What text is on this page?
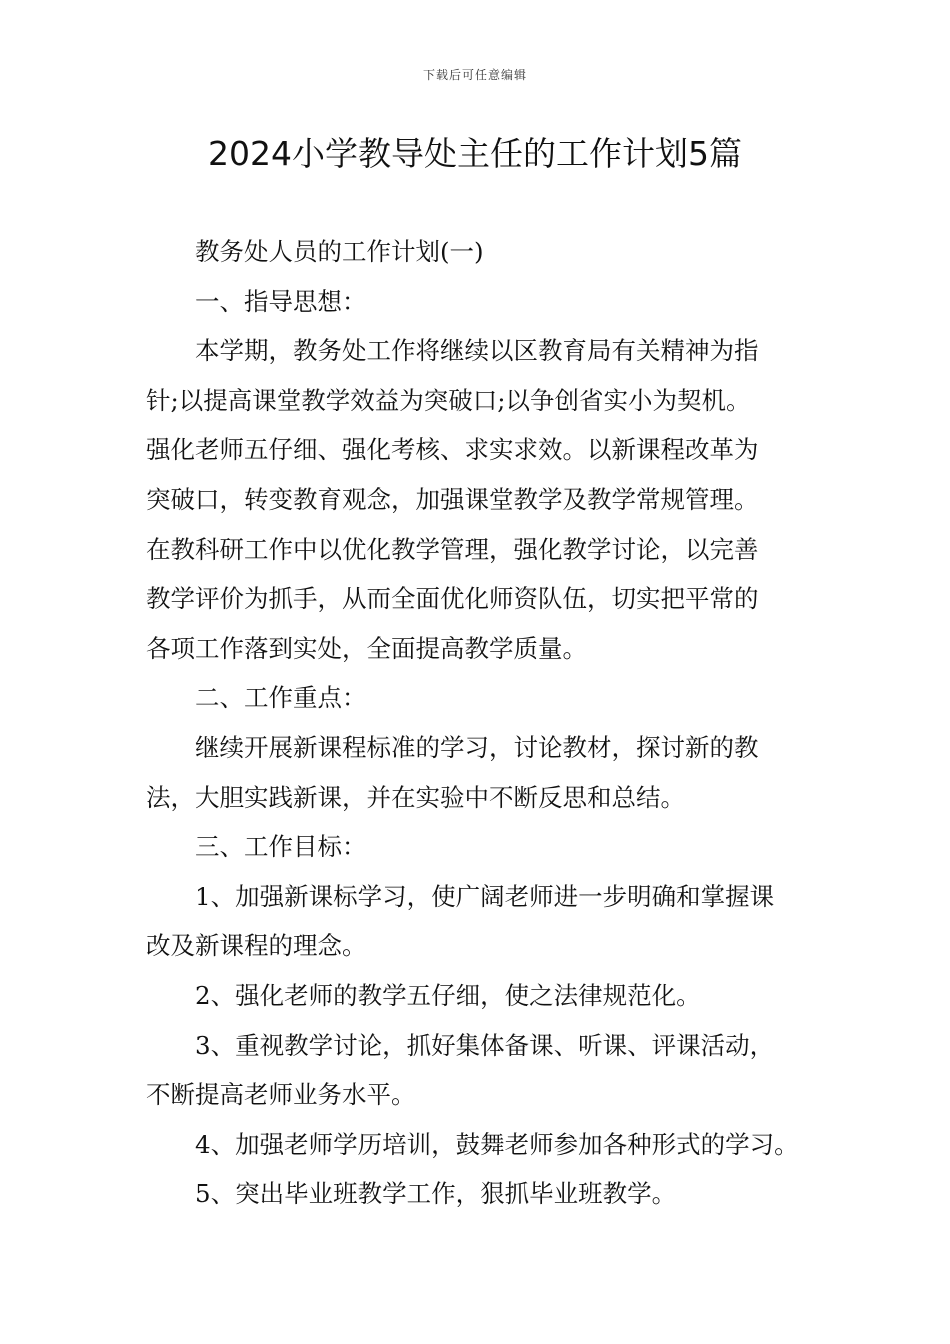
下载后可任意编辑
2024小学教导处主任的工作计划5篇
教务处人员的工作计划(一)
一、指导思想：
本学期，教务处工作将继续以区教育局有关精神为指
针;以提高课堂教学效益为突破口;以争创省实小为契机。
强化老师五仔细、强化考核、求实求效。以新课程改革为
突破口，转变教育观念，加强课堂教学及教学常规管理。
在教科研工作中以优化教学管理，强化教学讨论，以完善
教学评价为抓手，从而全面优化师资队伍，切实把平常的
各项工作落到实处，全面提高教学质量。
二、工作重点：
继续开展新课程标准的学习，讨论教材，探讨新的教
法，大胆实践新课，并在实验中不断反思和总结。
三、工作目标：
1、加强新课标学习，使广阔老师进一步明确和掌握课
改及新课程的理念。
2、强化老师的教学五仔细，使之法律规范化。
3、重视教学讨论，抓好集体备课、听课、评课活动，
不断提高老师业务水平。
4、加强老师学历培训，鼓舞老师参加各种形式的学习。
5、突出毕业班教学工作，狠抓毕业班教学。
